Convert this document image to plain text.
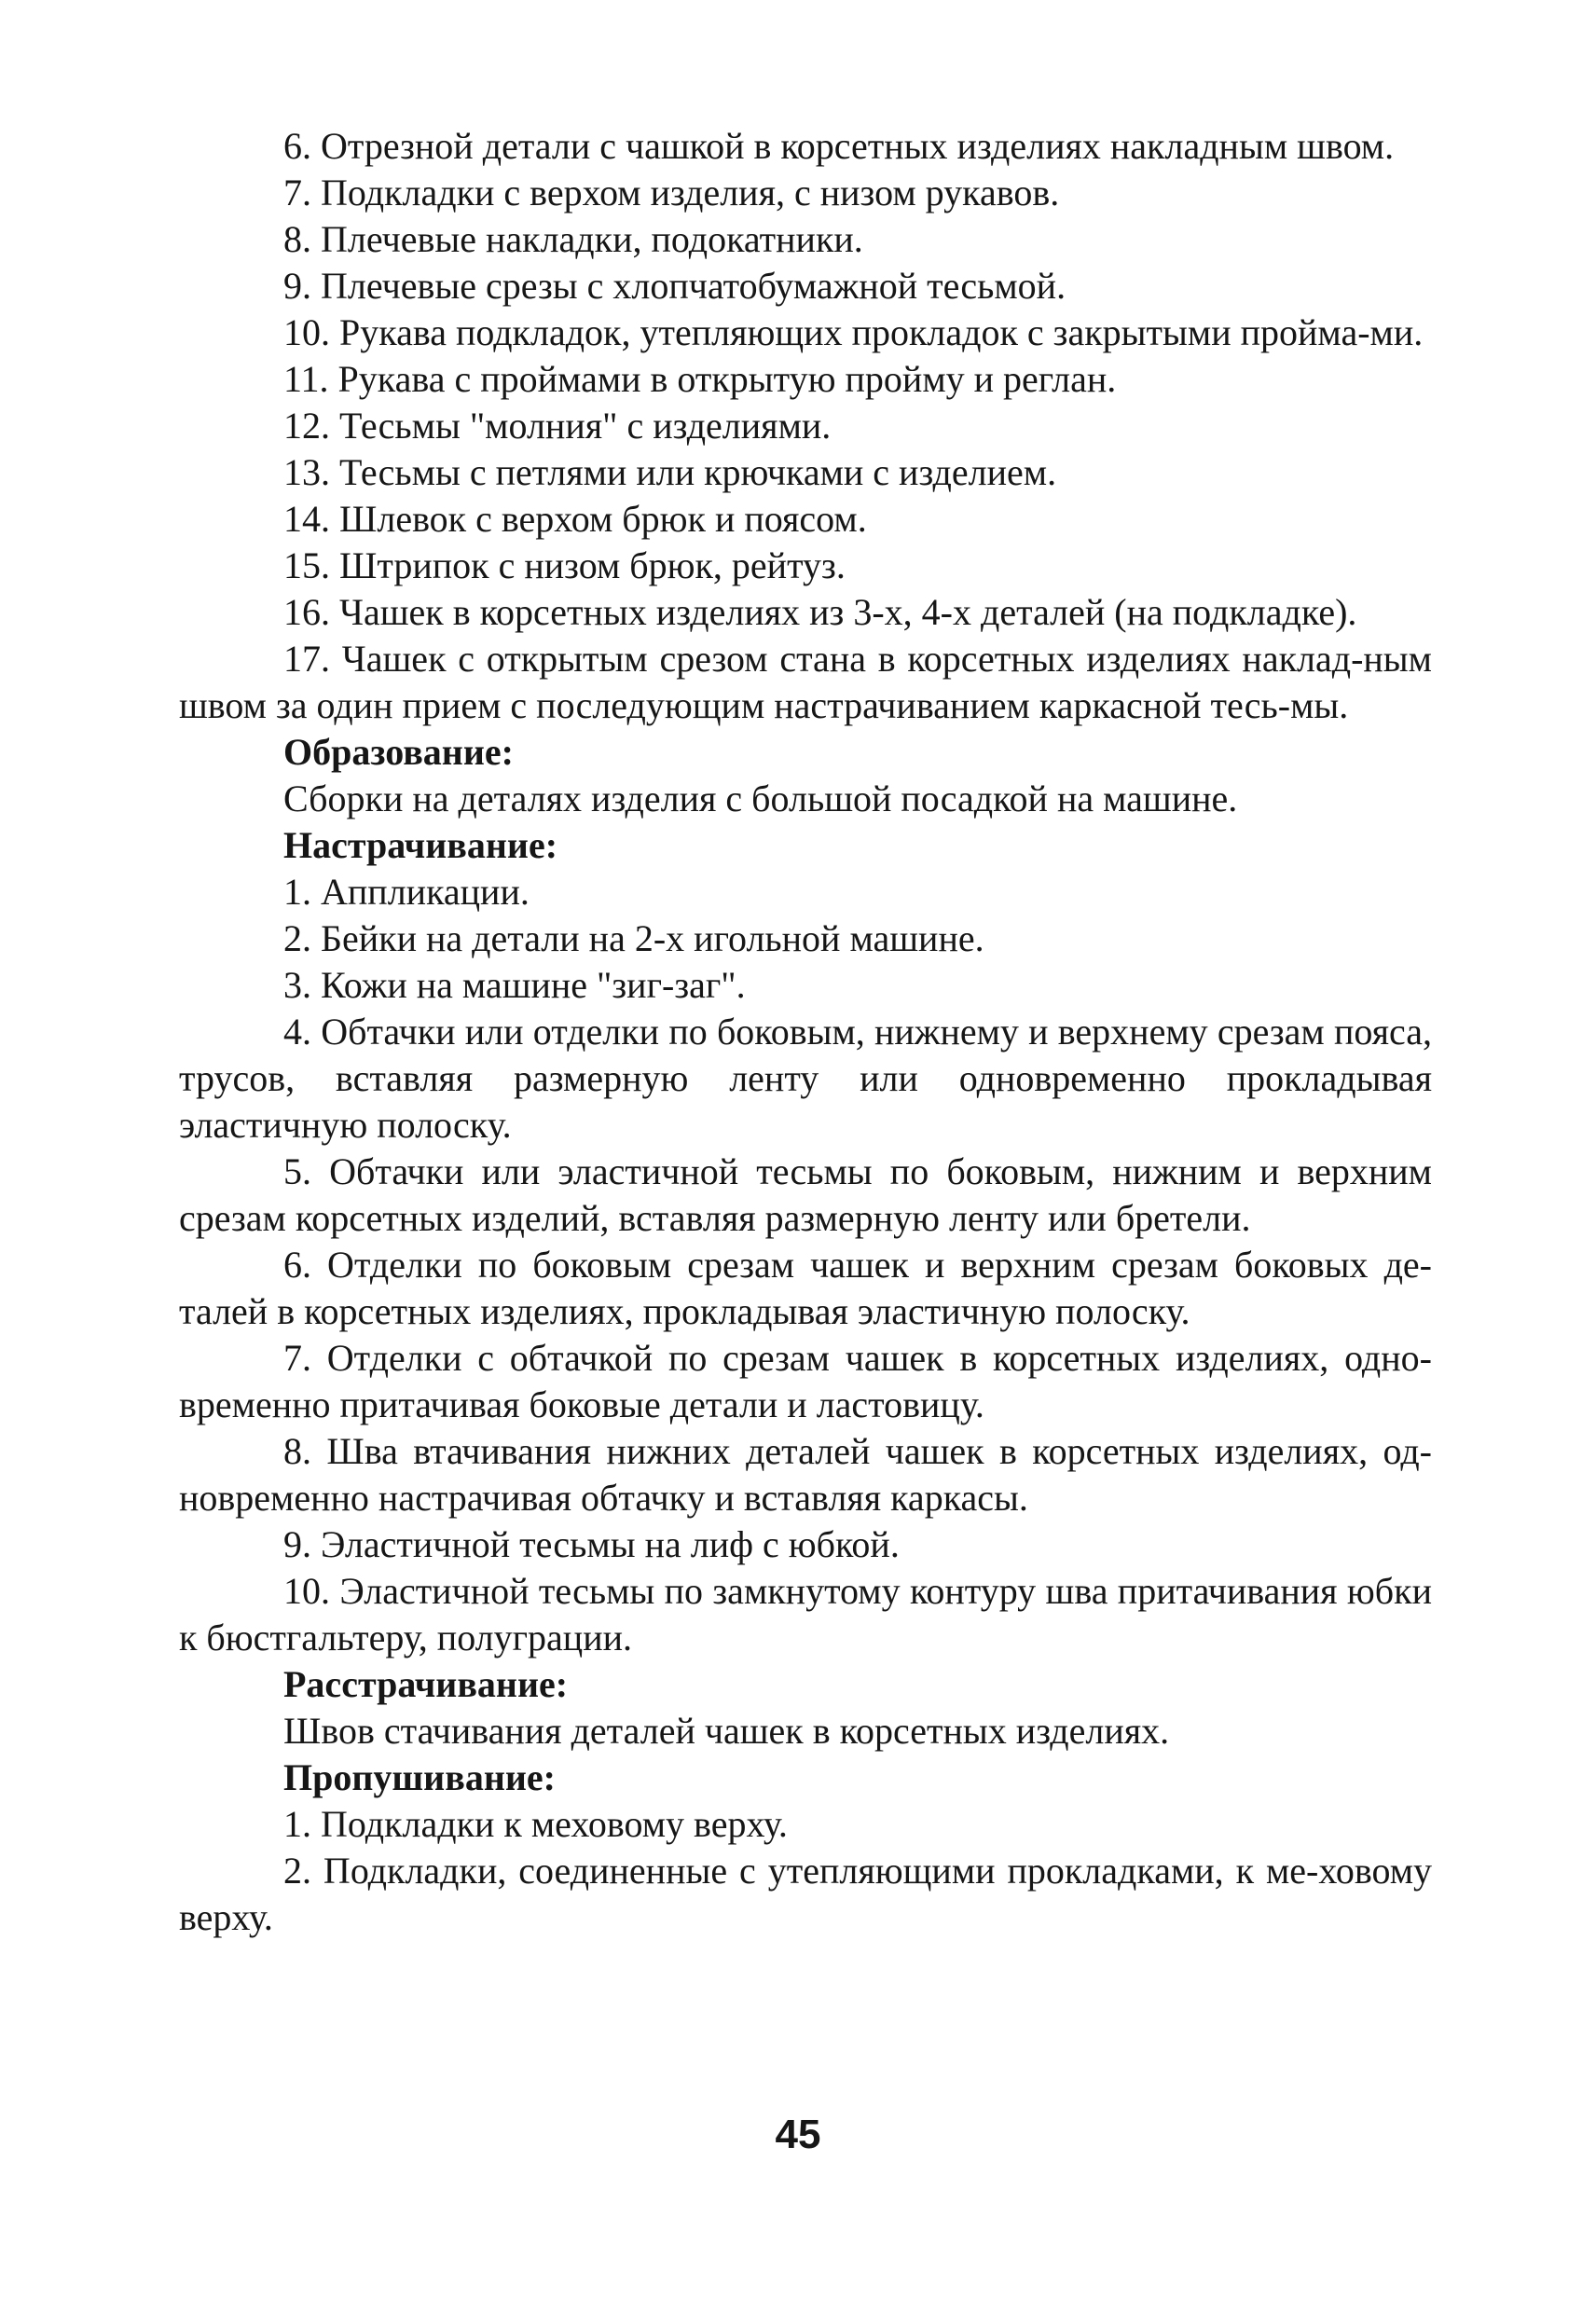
6. Отрезной детали с чашкой в корсетных изделиях накладным швом.

7. Подкладки с верхом изделия, с низом рукавов.

8. Плечевые накладки, подокатники.

9. Плечевые срезы с хлопчатобумажной тесьмой.

10. Рукава подкладок, утепляющих прокладок с закрытыми пройма-ми.

11. Рукава с проймами в открытую пройму и реглан.

12. Тесьмы "молния" с изделиями.

13. Тесьмы с петлями или крючками с изделием.

14. Шлевок с верхом брюк и поясом.

15. Штрипок с низом брюк, рейтуз.

16. Чашек в корсетных изделиях из 3-х, 4-х деталей (на подкладке).

17. Чашек с открытым срезом стана в корсетных изделиях наклад-ным швом за один прием с последующим настрачиванием каркасной тесь-мы.

Образование:

Сборки на деталях изделия с большой посадкой на машине.

Настрачивание:

1. Аппликации.

2. Бейки на детали на 2-х игольной машине.

3. Кожи на машине "зиг-заг".

4. Обтачки или отделки по боковым, нижнему и верхнему срезам пояса, трусов, вставляя размерную ленту или одновременно прокладывая эластичную полоску.

5. Обтачки или эластичной тесьмы по боковым, нижним и верхним срезам корсетных изделий, вставляя размерную ленту или бретели.

6. Отделки по боковым срезам чашек и верхним срезам боковых де-талей в корсетных изделиях, прокладывая эластичную полоску.

7. Отделки с обтачкой по срезам чашек в корсетных изделиях, одно-временно притачивая боковые детали и ластовицу.

8. Шва втачивания нижних деталей чашек в корсетных изделиях, од-новременно настрачивая обтачку и вставляя каркасы.

9. Эластичной тесьмы на лиф с юбкой.

10. Эластичной тесьмы по замкнутому контуру шва притачивания юбки к бюстгальтеру, полуграции.

Расстрачивание:

Швов стачивания деталей чашек в корсетных изделиях.

Пропушивание:

1. Подкладки к меховому верху.

2. Подкладки, соединенные с утепляющими прокладками, к ме-ховому верху.

45
